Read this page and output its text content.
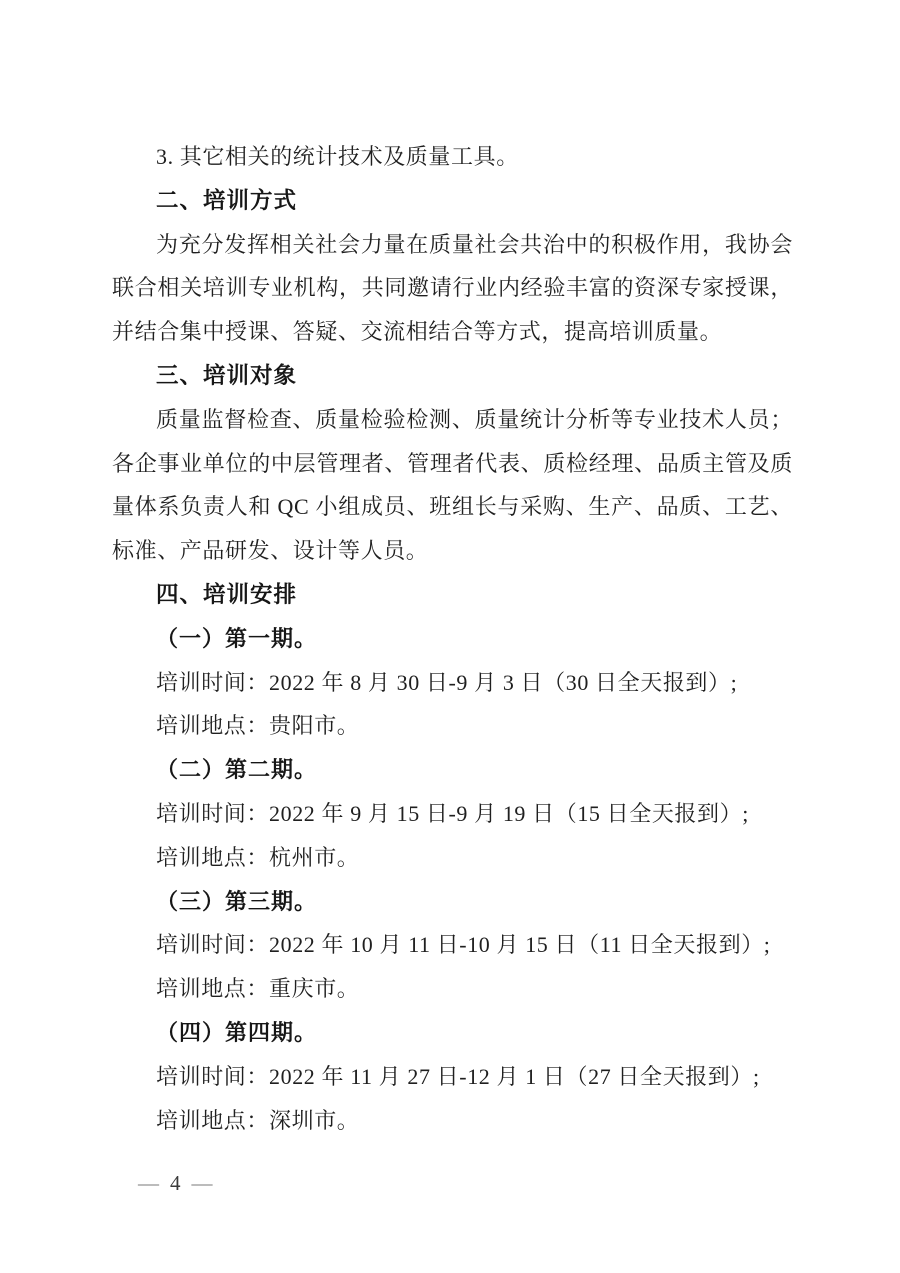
3. 其它相关的统计技术及质量工具。

二、培训方式

为充分发挥相关社会力量在质量社会共治中的积极作用，我协会联合相关培训专业机构，共同邀请行业内经验丰富的资深专家授课，并结合集中授课、答疑、交流相结合等方式，提高培训质量。

三、培训对象

质量监督检查、质量检验检测、质量统计分析等专业技术人员；各企事业单位的中层管理者、管理者代表、质检经理、品质主管及质量体系负责人和 QC 小组成员、班组长与采购、生产、品质、工艺、标准、产品研发、设计等人员。

四、培训安排
（一）第一期。

培训时间：2022 年 8 月 30 日-9 月 3 日（30 日全天报到）;

培训地点：贵阳市。

（二）第二期。

培训时间：2022 年 9 月 15 日-9 月 19 日（15 日全天报到）;

培训地点：杭州市。

（三）第三期。

培训时间：2022 年 10 月 11 日-10 月 15 日（11 日全天报到）;

培训地点：重庆市。

（四）第四期。

培训时间：2022 年 11 月 27 日-12 月 1 日（27 日全天报到）;

培训地点：深圳市。

— 4 —
